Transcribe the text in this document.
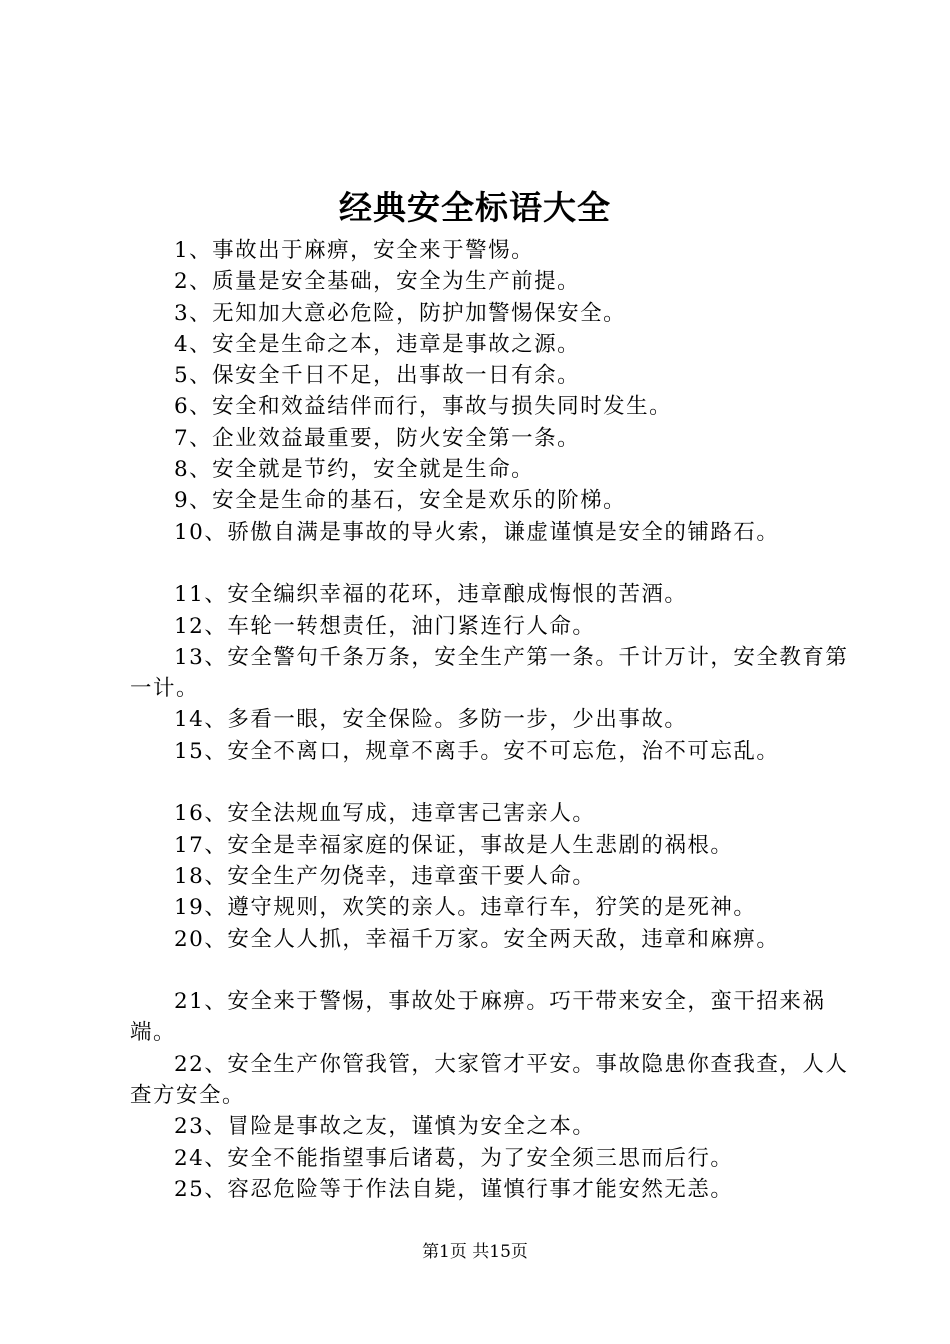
经典安全标语大全

1、事故出于麻痹，安全来于警惕。

2、质量是安全基础，安全为生产前提。

3、无知加大意必危险，防护加警惕保安全。

4、安全是生命之本，违章是事故之源。

5、保安全千日不足，出事故一日有余。

6、安全和效益结伴而行，事故与损失同时发生。

7、企业效益最重要，防火安全第一条。

8、安全就是节约，安全就是生命。

9、安全是生命的基石，安全是欢乐的阶梯。

10、骄傲自满是事故的导火索，谦虚谨慎是安全的铺路石。

11、安全编织幸福的花环，违章酿成悔恨的苦酒。

12、车轮一转想责任，油门紧连行人命。

13、安全警句千条万条，安全生产第一条。千计万计，安全教育第一计。

14、多看一眼，安全保险。多防一步，少出事故。

15、安全不离口，规章不离手。安不可忘危，治不可忘乱。

16、安全法规血写成，违章害己害亲人。

17、安全是幸福家庭的保证，事故是人生悲剧的祸根。

18、安全生产勿侥幸，违章蛮干要人命。

19、遵守规则，欢笑的亲人。违章行车，狞笑的是死神。

20、安全人人抓，幸福千万家。安全两天敌，违章和麻痹。

21、安全来于警惕，事故处于麻痹。巧干带来安全，蛮干招来祸端。

22、安全生产你管我管，大家管才平安。事故隐患你查我查，人人查方安全。

23、冒险是事故之友，谨慎为安全之本。

24、安全不能指望事后诸葛，为了安全须三思而后行。

25、容忍危险等于作法自毙，谨慎行事才能安然无恙。

第1页 共15页
